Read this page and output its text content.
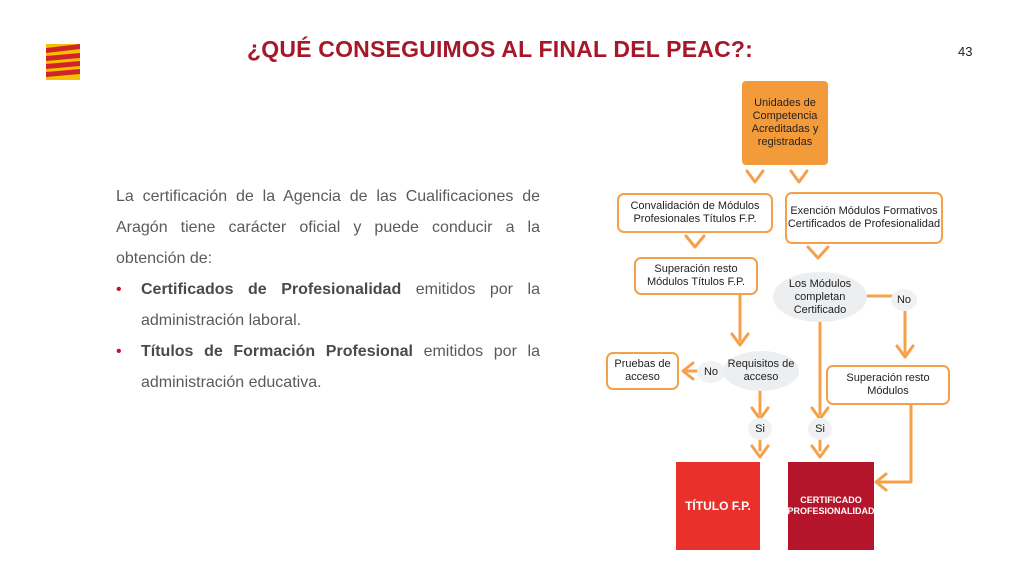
¿QUÉ CONSEGUIMOS AL FINAL DEL PEAC?:	43

La certificación de la Agencia de las Cualificaciones de Aragón tiene carácter oficial y puede conducir a la obtención de:

• Certificados de Profesionalidad emitidos por la administración laboral.
• Títulos de Formación Profesional emitidos por la administración educativa.
Unidades de Competencia Acreditadas y registradas
Convalidación de Módulos Profesionales Títulos F.P.
Exención Módulos Formativos Certificados de Profesionalidad
Superación resto Módulos Títulos F.P.	Los Módulos completan Certificado
No
Pruebas de acceso	No
Requisitos de acceso	Superación resto Módulos
Si	Si
TÍTULO F.P.	CERTIFICADO PROFESIONALIDAD
